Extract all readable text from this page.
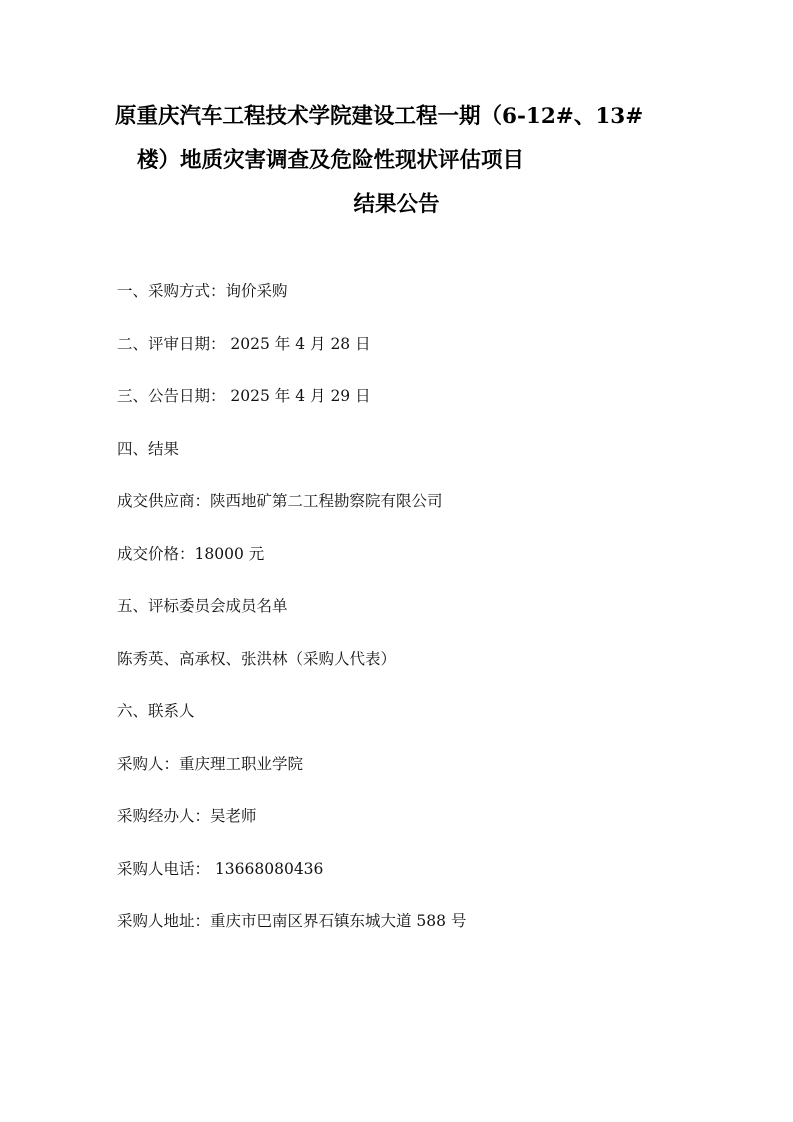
原重庆汽车工程技术学院建设工程一期（6-12#、13#
楼）地质灾害调查及危险性现状评估项目
结果公告

一、采购方式：询价采购

二、评审日期： 2025 年 4 月 28 日

三、公告日期： 2025 年 4 月 29 日

四、结果

成交供应商：陕西地矿第二工程勘察院有限公司

成交价格：18000 元

五、评标委员会成员名单

陈秀英、高承权、张洪林（采购人代表）

六、联系人

采购人：重庆理工职业学院

采购经办人：吴老师

采购人电话： 13668080436

采购人地址：重庆市巴南区界石镇东城大道 588 号
